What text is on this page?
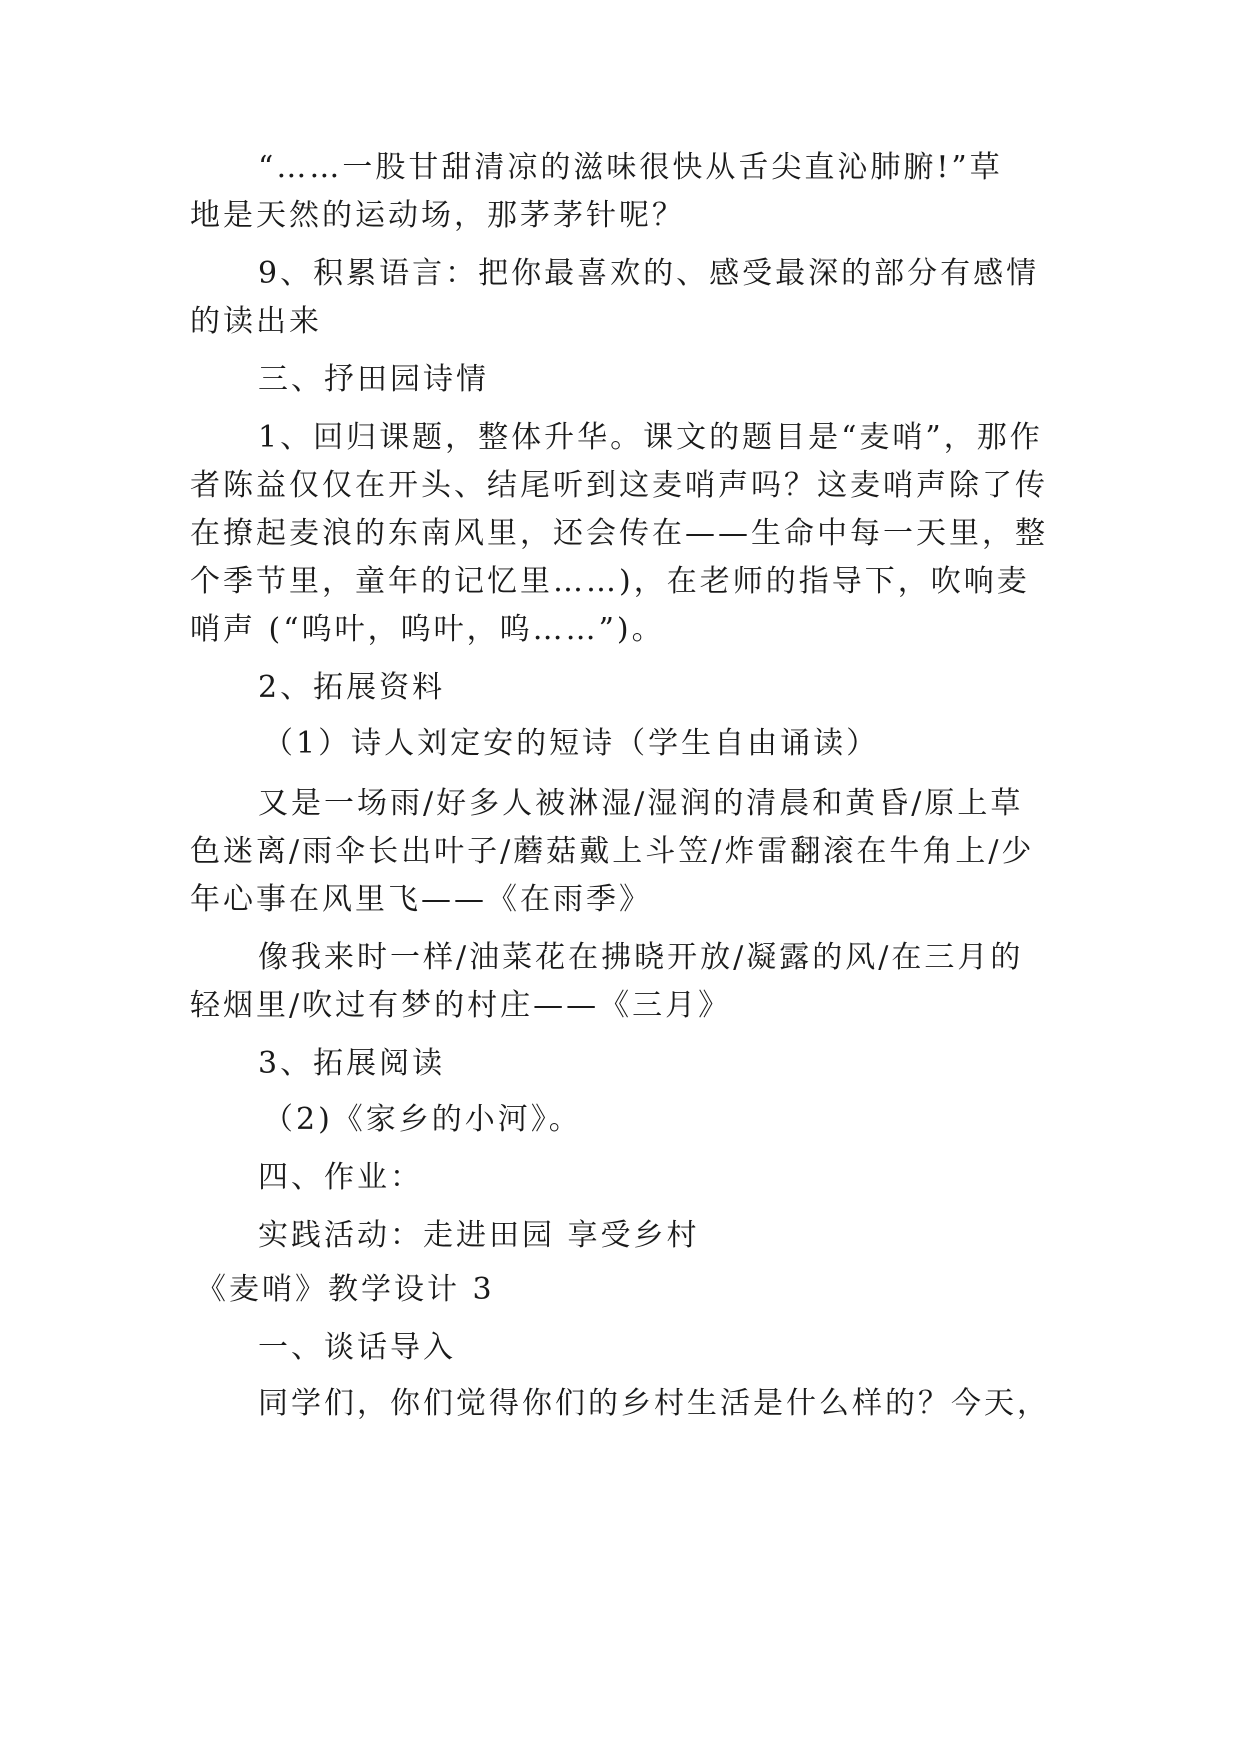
“……一股甘甜清凉的滋味很快从舌尖直沁肺腑!”草
地是天然的运动场，那茅茅针呢？
9、积累语言：把你最喜欢的、感受最深的部分有感情
的读出来
三、抒田园诗情
1、回归课题，整体升华。课文的题目是“麦哨”，那作
者陈益仅仅在开头、结尾听到这麦哨声吗？这麦哨声除了传
在撩起麦浪的东南风里，还会传在——生命中每一天里，整
个季节里，童年的记忆里……)，在老师的指导下，吹响麦
哨声 (“呜叶，呜叶，呜……”)。
2、拓展资料
（1）诗人刘定安的短诗（学生自由诵读）
又是一场雨/好多人被淋湿/湿润的清晨和黄昏/原上草
色迷离/雨伞长出叶子/蘑菇戴上斗笠/炸雷翻滚在牛角上/少
年心事在风里飞——《在雨季》
像我来时一样/油菜花在拂晓开放/凝露的风/在三月的
轻烟里/吹过有梦的村庄——《三月》
3、拓展阅读
（2)《家乡的小河》。
四、作业：
实践活动：走进田园 享受乡村
《麦哨》教学设计 3
一、谈话导入
同学们，你们觉得你们的乡村生活是什么样的？今天，
